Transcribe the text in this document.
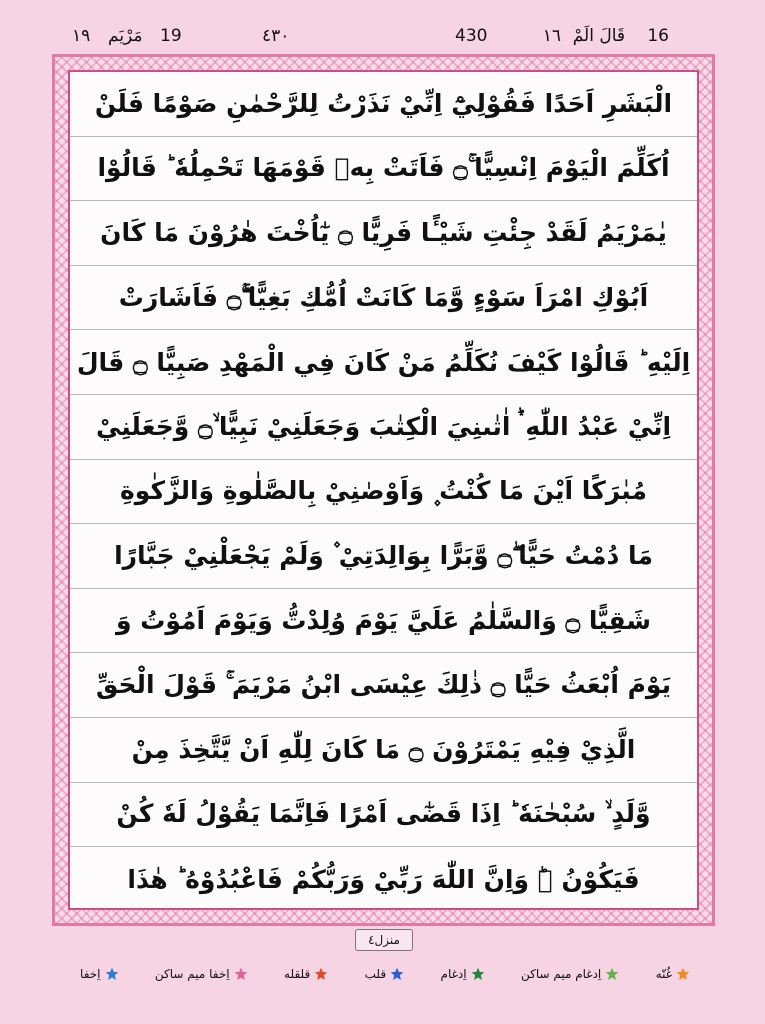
16
قَالَ الَمْ
١٦
430
٤٣٠
19
مَرْيَم
١٩
الْبَشَرِ اَحَدًا فَقُوْلِيْٓ اِنِّيْ نَذَرْتُ لِلرَّحْمٰنِ صَوْمًا فَلَنْ
اُكَلِّمَ الْيَوْمَ اِنْسِيًّا ۚ۝ فَاَتَتْ بِهٖ قَوْمَهَا تَحْمِلُهٗ ؕ قَالُوْا
يٰمَرْيَمُ لَقَدْ جِئْتِ شَيْـًٔا فَرِيًّا ۝ يٰٓاُخْتَ هٰرُوْنَ مَا كَانَ
اَبُوْكِ امْرَاَ سَوْءٍ وَّمَا كَانَتْ اُمُّكِ بَغِيًّا ۖۚ۝ فَاَشَارَتْ
اِلَيْهِ ؕ قَالُوْا كَيْفَ نُكَلِّمُ مَنْ كَانَ فِي الْمَهْدِ صَبِيًّا ۝ قَالَ
اِنِّيْ عَبْدُ اللّٰهِ ۛؕ اٰتٰىنِيَ الْكِتٰبَ وَجَعَلَنِيْ نَبِيًّا ۙ۝ وَّجَعَلَنِيْ
مُبٰرَكًا اَيْنَ مَا كُنْتُ ۪ وَاَوْصٰنِيْ بِالصَّلٰوةِ وَالزَّكٰوةِ
مَا دُمْتُ حَيًّا ۖ۝ وَّبَرًّا بِوَالِدَتِيْ ۫ وَلَمْ يَجْعَلْنِيْ جَبَّارًا
شَقِيًّا ۝ وَالسَّلٰمُ عَلَيَّ يَوْمَ وُلِدْتُّ وَيَوْمَ اَمُوْتُ وَ
يَوْمَ اُبْعَثُ حَيًّا ۝ ذٰلِكَ عِيْسَى ابْنُ مَرْيَمَ ۚ قَوْلَ الْحَقِّ
الَّذِيْ فِيْهِ يَمْتَرُوْنَ ۝ مَا كَانَ لِلّٰهِ اَنْ يَّتَّخِذَ مِنْ
وَّلَدٍ ۙ سُبْحٰنَهٗ ؕ اِذَا قَضٰٓى اَمْرًا فَاِنَّمَا يَقُوْلُ لَهٗ كُنْ
فَيَكُوْنُ ۝ؕ وَاِنَّ اللّٰهَ رَبِّيْ وَرَبُّكُمْ فَاعْبُدُوْهُ ؕ هٰذَا
منزل٤
اِخفا	اِخفا میم ساکن	قلقله	قلب	اِدغام	اِدغام میم ساکن	غُنّه
